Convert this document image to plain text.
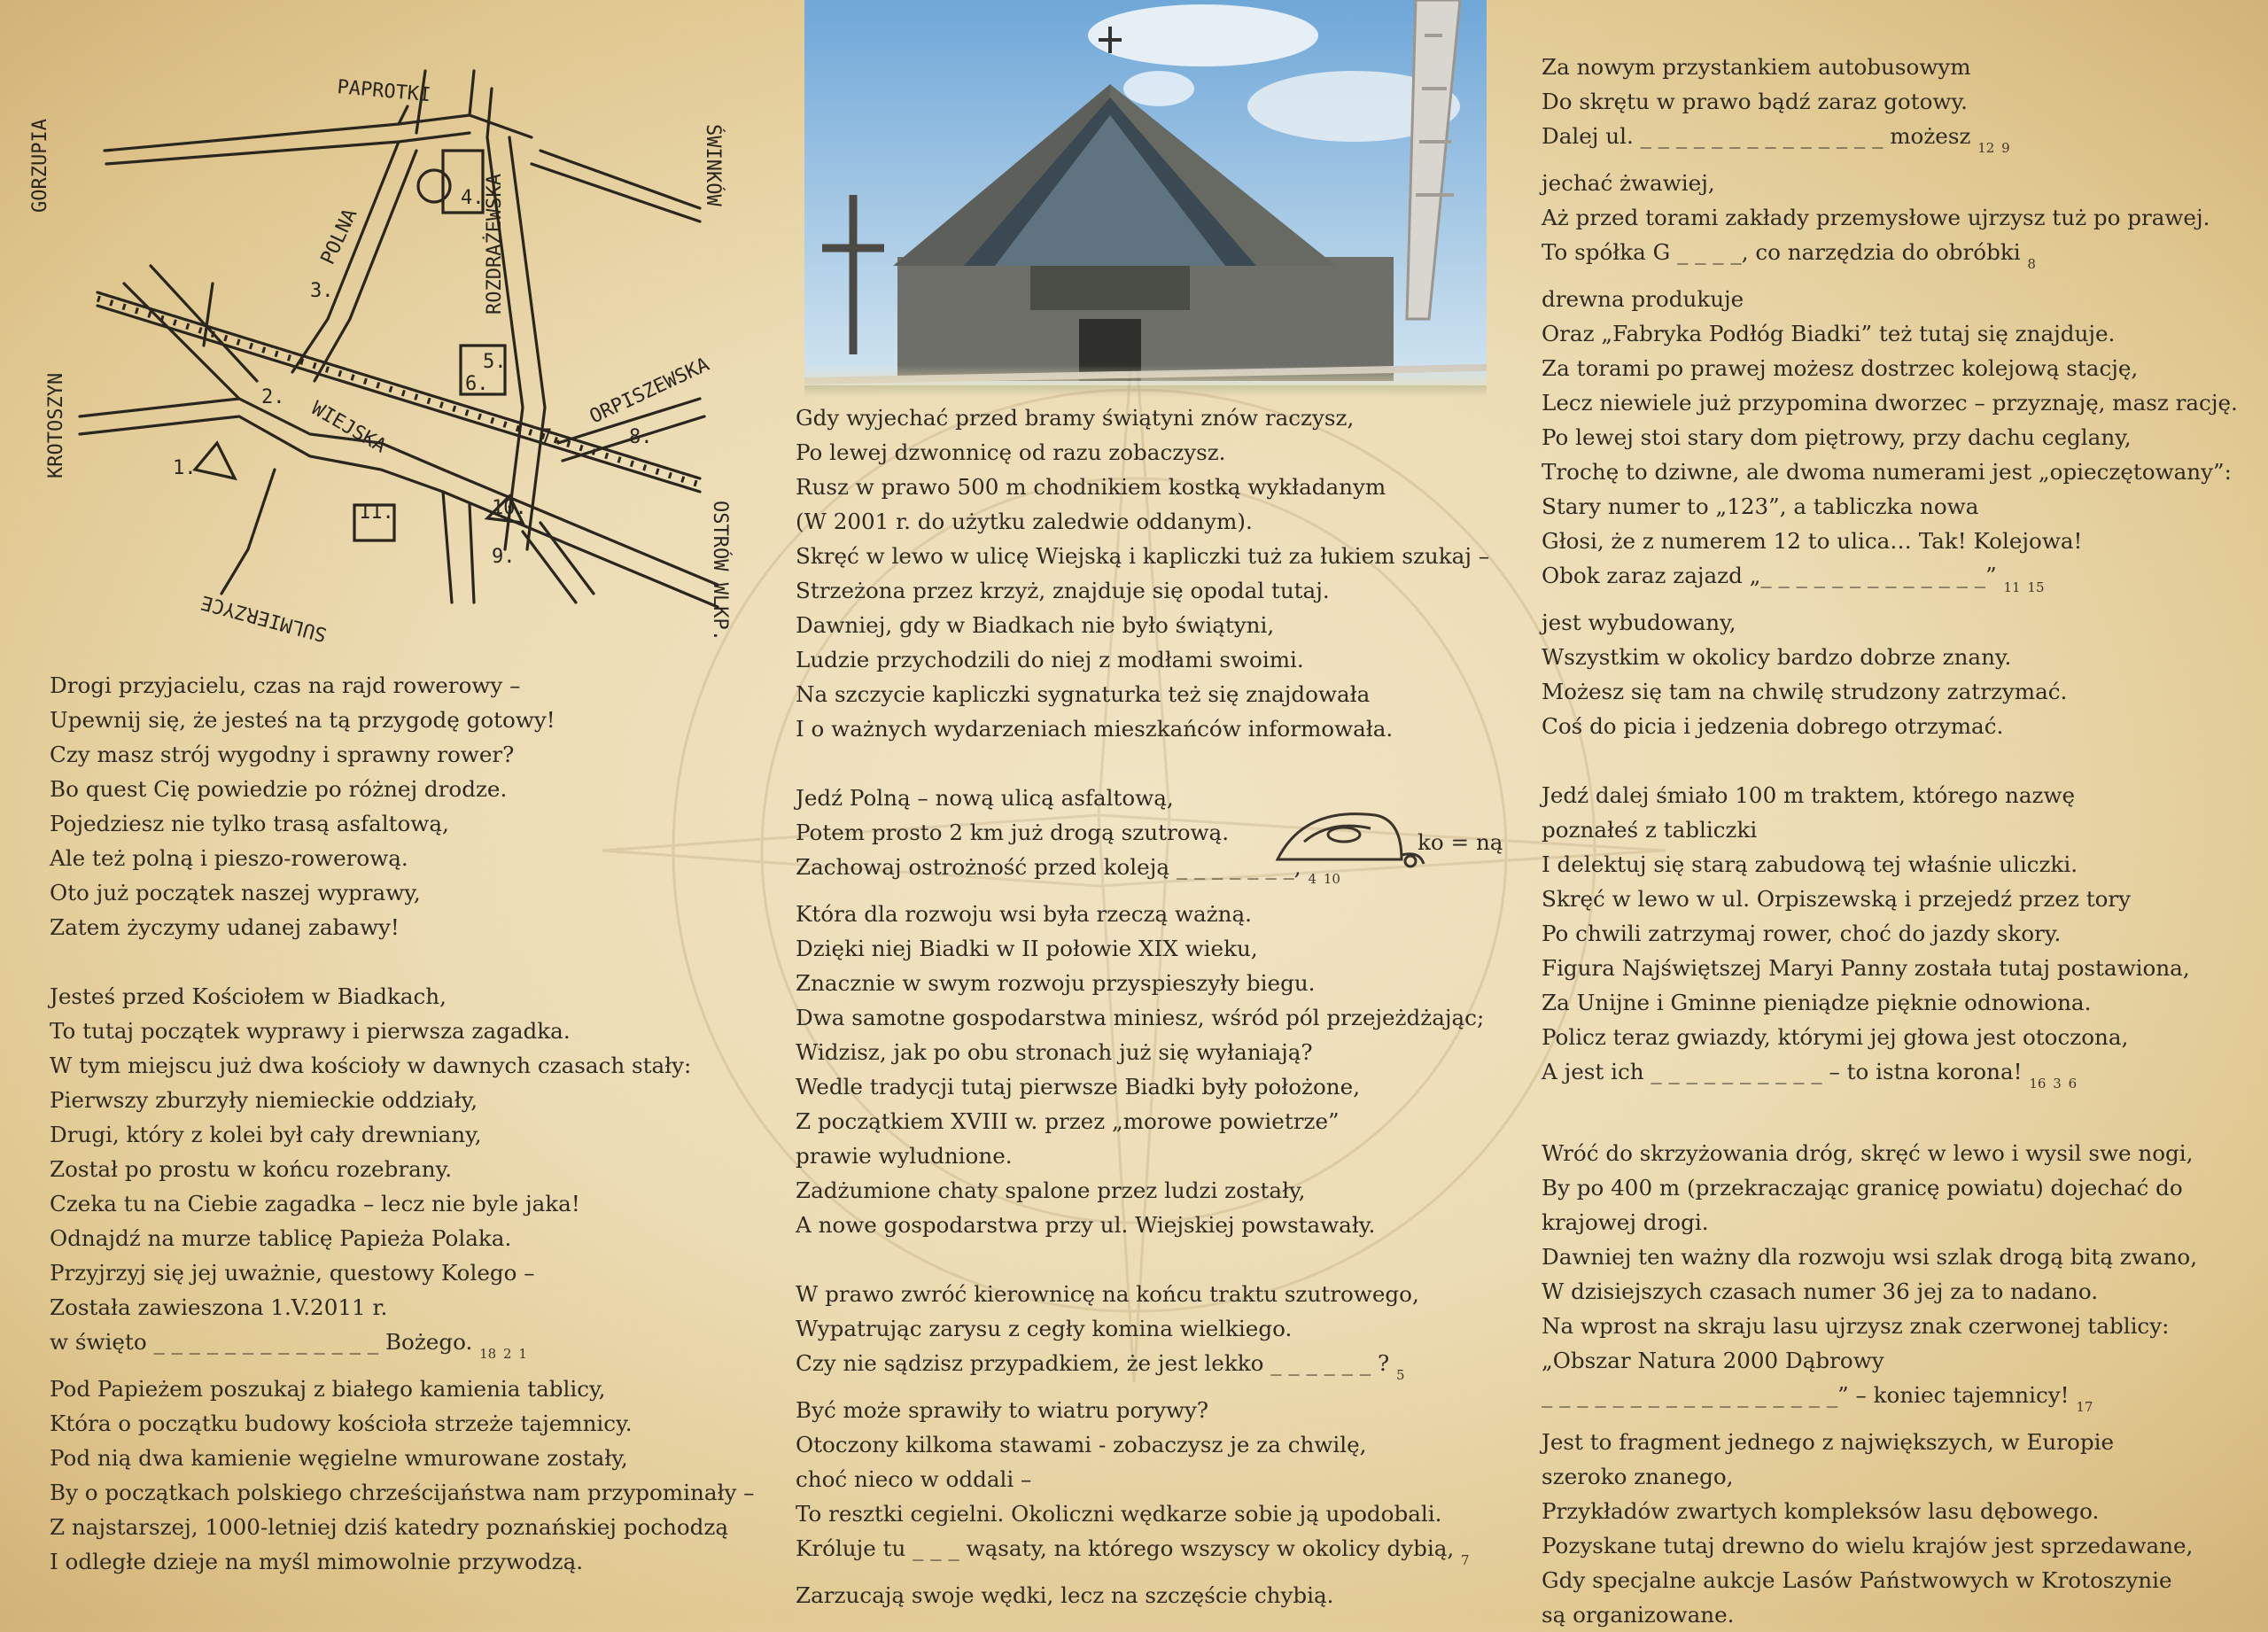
PAPROTKI
GORZUPIA	ŚWINKÓW
POLNA	ROZDRAŻEWSKA
KROTOSZYN	WIEJSKA	ORPISZEWSKA
OSTRÓW WLKP.
SULMIERZYCE
1.
2.
3.
4.
5.
6.
7.	8.
9.
10.
11.
Drogi przyjacielu, czas na rajd rowerowy –
Upewnij się, że jesteś na tą przygodę gotowy!
Czy masz strój wygodny i sprawny rower?
Bo quest Cię powiedzie po różnej drodze.
Pojedziesz nie tylko trasą asfaltową,
Ale też polną i pieszo-rowerową.
Oto już początek naszej wyprawy,
Zatem życzymy udanej zabawy!
Jesteś przed Kościołem w Biadkach,
To tutaj początek wyprawy i pierwsza zagadka.
W tym miejscu już dwa kościoły w dawnych czasach stały:
Pierwszy zburzyły niemieckie oddziały,
Drugi, który z kolei był cały drewniany,
Został po prostu w końcu rozebrany.
Czeka tu na Ciebie zagadka – lecz nie byle jaka!
Odnajdź na murze tablicę Papieża Polaka.
Przyjrzyj się jej uważnie, questowy Kolego –
Została zawieszona 1.V.2011 r.
w święto _ _ _ _ _ _ _ _ _ _ _ _ _ Bożego. $_{18}$ $_2$ $_1$
Pod Papieżem poszukaj z białego kamienia tablicy,
Która o początku budowy kościoła strzeże tajemnicy.
Pod nią dwa kamienie węgielne wmurowane zostały,
By o początkach polskiego chrześcijaństwa nam przypominały –
Z najstarszej, 1000-letniej dziś katedry poznańskiej pochodzą
I odległe dzieje na myśl mimowolnie przywodzą.
Gdy wyjechać przed bramy świątyni znów raczysz,
Po lewej dzwonnicę od razu zobaczysz.
Rusz w prawo 500 m chodnikiem kostką wykładanym
(W 2001 r. do użytku zaledwie oddanym).
Skręć w lewo w ulicę Wiejską i kapliczki tuż za łukiem szukaj –
Strzeżona przez krzyż, znajduje się opodal tutaj.
Dawniej, gdy w Biadkach nie było świątyni,
Ludzie przychodzili do niej z modłami swoimi.
Na szczycie kapliczki sygnaturka też się znajdowała
I o ważnych wydarzeniach mieszkańców informowała.
Jedź Polną – nową ulicą asfaltową,
Potem prosto 2 km już drogą szutrową.
Zachowaj ostrożność przed koleją _ _ _ _ _ _ _, $_4$ $_{10}$
Która dla rozwoju wsi była rzeczą ważną.
Dzięki niej Biadki w II połowie XIX wieku,
Znacznie w swym rozwoju przyspieszyły biegu.
Dwa samotne gospodarstwa miniesz, wśród pól przejeżdżając;
Widzisz, jak po obu stronach już się wyłaniają?
Wedle tradycji tutaj pierwsze Biadki były położone,
Z początkiem XVIII w. przez „morowe powietrze”
prawie wyludnione.
Zadżumione chaty spalone przez ludzi zostały,
A nowe gospodarstwa przy ul. Wiejskiej powstawały.
W prawo zwróć kierownicę na końcu traktu szutrowego,
Wypatrując zarysu z cegły komina wielkiego.
Czy nie sądzisz przypadkiem, że jest lekko _ _ _ _ _ _ ? $_5$
Być może sprawiły to wiatru porywy?
Otoczony kilkoma stawami - zobaczysz je za chwilę,
choć nieco w oddali –
To resztki cegielni. Okoliczni wędkarze sobie ją upodobali.
Króluje tu _ _ _ wąsaty, na którego wszyscy w okolicy dybią, $_7$
Zarzucają swoje wędki, lecz na szczęście chybią.
ko = ną
Za nowym przystankiem autobusowym
Do skrętu w prawo bądź zaraz gotowy.
Dalej ul. _ _ _ _ _ _ _ _ _ _ _ _ _ _ możesz $_{12}$ $_9$
jechać żwawiej,
Aż przed torami zakłady przemysłowe ujrzysz tuż po prawej.
To spółka G _ _ _ _, co narzędzia do obróbki $_8$
drewna produkuje
Oraz „Fabryka Podłóg Biadki” też tutaj się znajduje.
Za torami po prawej możesz dostrzec kolejową stację,
Lecz niewiele już przypomina dworzec – przyznaję, masz rację.
Po lewej stoi stary dom piętrowy, przy dachu ceglany,
Trochę to dziwne, ale dwoma numerami jest „opieczętowany”:
Stary numer to „123”, a tabliczka nowa
Głosi, że z numerem 12 to ulica… Tak! Kolejowa!
Obok zaraz zajazd „_ _ _ _ _ _ _ _ _ _ _ _ _” $_{11}$ $_{15}$
jest wybudowany,
Wszystkim w okolicy bardzo dobrze znany.
Możesz się tam na chwilę strudzony zatrzymać.
Coś do picia i jedzenia dobrego otrzymać.
Jedź dalej śmiało 100 m traktem, którego nazwę
poznałeś z tabliczki
I delektuj się starą zabudową tej właśnie uliczki.
Skręć w lewo w ul. Orpiszewską i przejedź przez tory
Po chwili zatrzymaj rower, choć do jazdy skory.
Figura Najświętszej Maryi Panny została tutaj postawiona,
Za Unijne i Gminne pieniądze pięknie odnowiona.
Policz teraz gwiazdy, którymi jej głowa jest otoczona,
A jest ich _ _ _ _ _ _ _ _ _ _ – to istna korona! $_{16}$ $_3$ $_6$
Wróć do skrzyżowania dróg, skręć w lewo i wysil swe nogi,
By po 400 m (przekraczając granicę powiatu) dojechać do
krajowej drogi.
Dawniej ten ważny dla rozwoju wsi szlak drogą bitą zwano,
W dzisiejszych czasach numer 36 jej za to nadano.
Na wprost na skraju lasu ujrzysz znak czerwonej tablicy:
„Obszar Natura 2000 Dąbrowy
_ _ _ _ _ _ _ _ _ _ _ _ _ _ _ _ _” – koniec tajemnicy! $_{17}$
Jest to fragment jednego z największych, w Europie
szeroko znanego,
Przykładów zwartych kompleksów lasu dębowego.
Pozyskane tutaj drewno do wielu krajów jest sprzedawane,
Gdy specjalne aukcje Lasów Państwowych w Krotoszynie
są organizowane.
